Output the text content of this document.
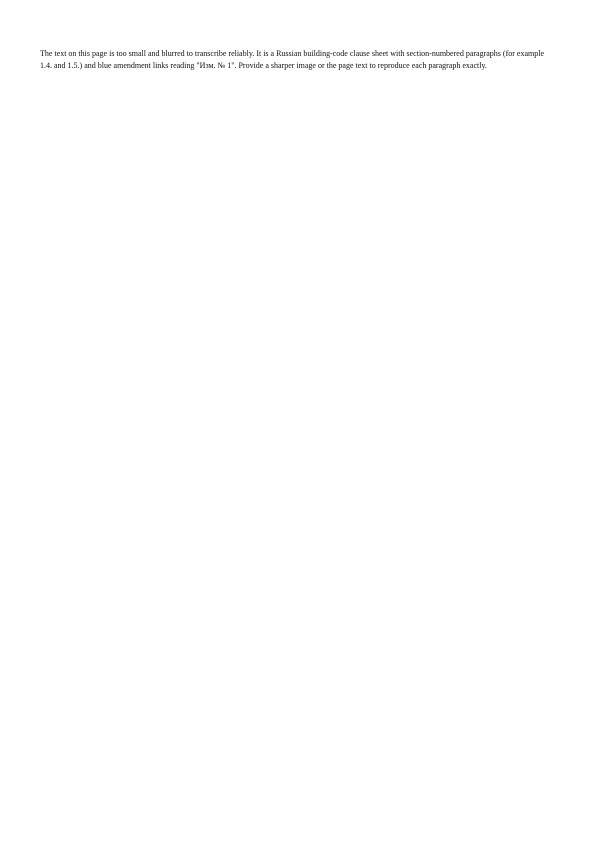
The text on this page is too small and blurred to transcribe reliably. It is a Russian building-code clause sheet with section-numbered paragraphs (for example 1.4. and 1.5.) and blue amendment links reading "Изм. № 1". Provide a sharper image or the page text to reproduce each paragraph exactly.
